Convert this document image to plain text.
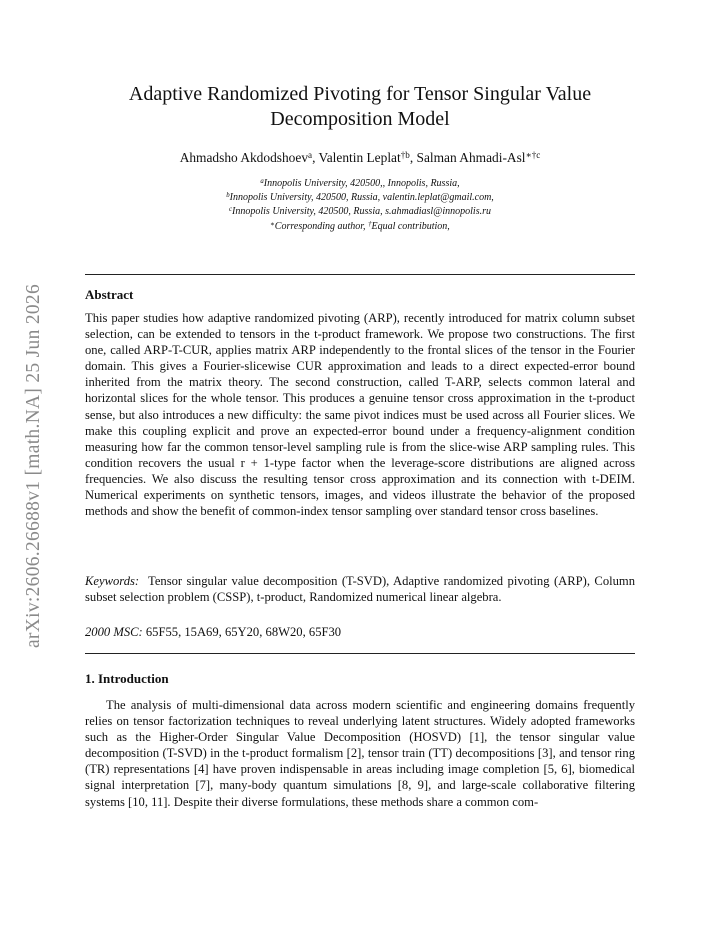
arXiv:2606.26688v1 [math.NA] 25 Jun 2026
Adaptive Randomized Pivoting for Tensor Singular Value
Decomposition Model
Ahmadsho Akdodshoev$^a$, Valentin Leplat$^{\dagger b}$, Salman Ahmadi-Asl$^{∗\dagger c}$
$^a$Innopolis University, 420500,, Innopolis, Russia,
$^b$Innopolis University, 420500, Russia, valentin.leplat@gmail.com,
$^c$Innopolis University, 420500, Russia, s.ahmadiasl@innopolis.ru
∗Corresponding author, †Equal contribution,
Abstract
This paper studies how adaptive randomized pivoting (ARP), recently introduced for matrix column subset selection, can be extended to tensors in the t-product framework. We propose two constructions. The first one, called ARP-T-CUR, applies matrix ARP independently to the frontal slices of the tensor in the Fourier domain. This gives a Fourier-slicewise CUR approximation and leads to a direct expected-error bound inherited from the matrix theory. The second construction, called T-ARP, selects common lateral and horizontal slices for the whole tensor. This produces a genuine tensor cross approximation in the t-product sense, but also introduces a new difficulty: the same pivot indices must be used across all Fourier slices. We make this coupling explicit and prove an expected-error bound under a frequency-alignment condition measuring how far the common tensor-level sampling rule is from the slice-wise ARP sampling rules. This condition recovers the usual r + 1-type factor when the leverage-score distributions are aligned across frequencies. We also discuss the resulting tensor cross approximation and its connection with t-DEIM. Numerical experiments on synthetic tensors, images, and videos illustrate the behavior of the proposed methods and show the benefit of common-index tensor sampling over standard tensor cross baselines.
Keywords: Tensor singular value decomposition (T-SVD), Adaptive randomized pivoting (ARP), Column subset selection problem (CSSP), t-product, Randomized numerical linear algebra.
2000 MSC: 65F55, 15A69, 65Y20, 68W20, 65F30
1. Introduction
The analysis of multi-dimensional data across modern scientific and engineering domains frequently relies on tensor factorization techniques to reveal underlying latent structures. Widely adopted frameworks such as the Higher-Order Singular Value Decomposition (HOSVD) [1], the tensor singular value decomposition (T-SVD) in the t-product formalism [2], tensor train (TT) decompositions [3], and tensor ring (TR) representations [4] have proven indispensable in areas including image completion [5, 6], biomedical signal interpretation [7], many-body quantum simulations [8, 9], and large-scale collaborative filtering systems [10, 11]. Despite their diverse formulations, these methods share a common com-
